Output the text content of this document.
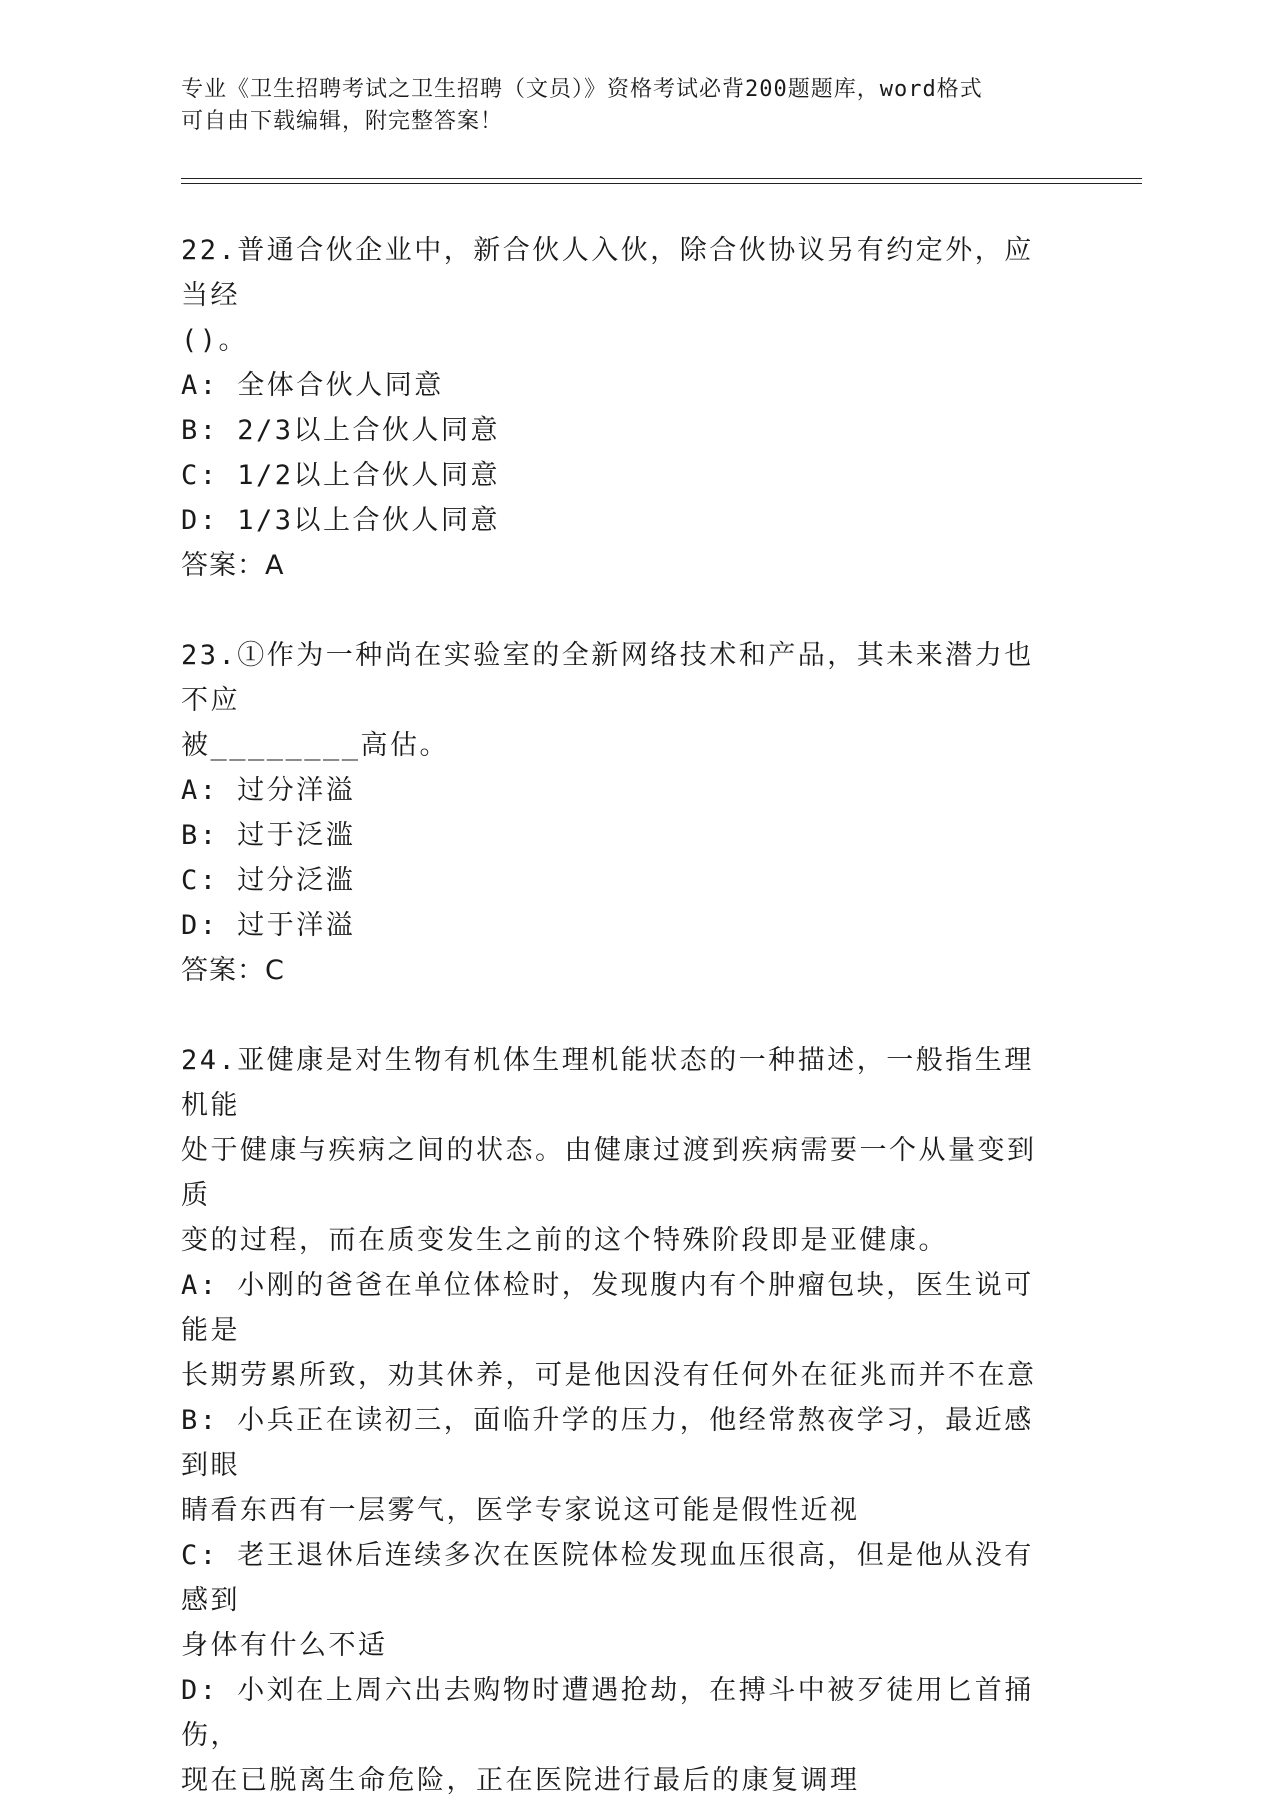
专业《卫生招聘考试之卫生招聘（文员）》资格考试必背200题题库，word格式
可自由下载编辑，附完整答案！
22.普通合伙企业中，新合伙人入伙，除合伙协议另有约定外，应当经
()。
A: 全体合伙人同意
B: 2/3以上合伙人同意
C: 1/2以上合伙人同意
D: 1/3以上合伙人同意
答案：A
23.①作为一种尚在实验室的全新网络技术和产品，其未来潜力也不应
被________高估。
A: 过分洋溢
B: 过于泛滥
C: 过分泛滥
D: 过于洋溢
答案：C
24.亚健康是对生物有机体生理机能状态的一种描述，一般指生理机能
处于健康与疾病之间的状态。由健康过渡到疾病需要一个从量变到质
变的过程，而在质变发生之前的这个特殊阶段即是亚健康。
A: 小刚的爸爸在单位体检时，发现腹内有个肿瘤包块，医生说可能是
长期劳累所致，劝其休养，可是他因没有任何外在征兆而并不在意
B: 小兵正在读初三，面临升学的压力，他经常熬夜学习，最近感到眼
睛看东西有一层雾气，医学专家说这可能是假性近视
C: 老王退休后连续多次在医院体检发现血压很高，但是他从没有感到
身体有什么不适
D: 小刘在上周六出去购物时遭遇抢劫，在搏斗中被歹徒用匕首捅伤，
现在已脱离生命危险，正在医院进行最后的康复调理
